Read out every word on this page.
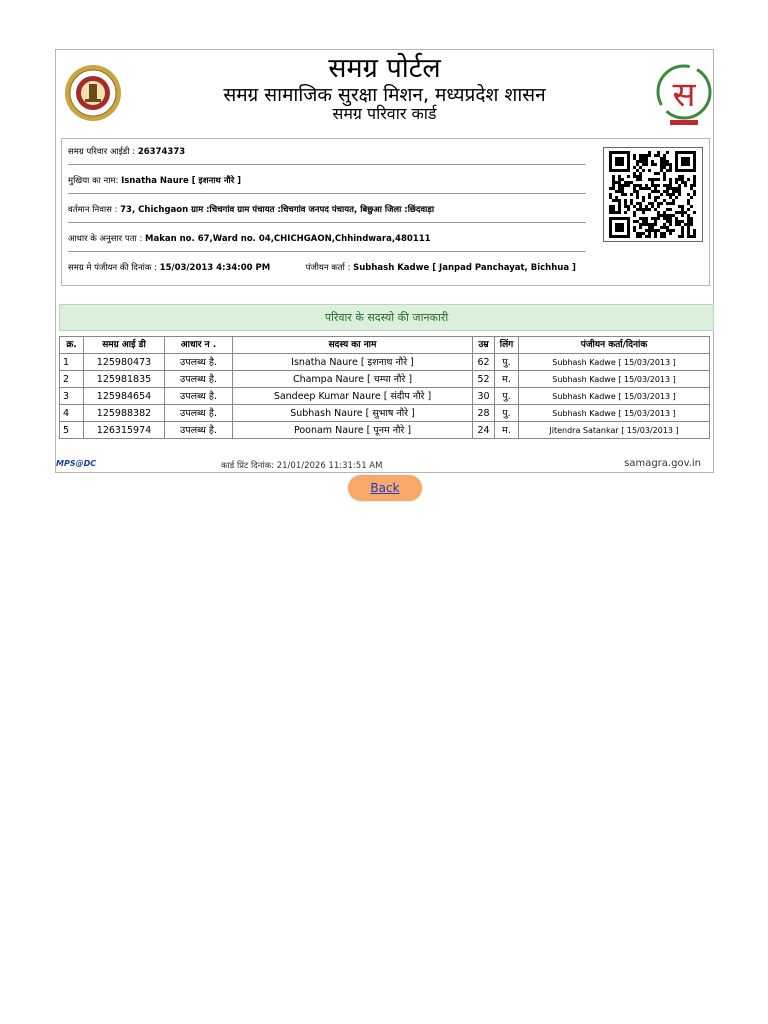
समग्र पोर्टल
समग्र सामाजिक सुरक्षा मिशन, मध्यप्रदेश शासन
समग्र परिवार कार्ड	स
समग्र परिवार आईडी : 26374373
मुखिया का नाम: Isnatha Naure [ इशनाथ नौरे ]
वर्तमान निवास : 73, Chichgaon ग्राम :चिचगांव ग्राम पंचायत :चिचगांव जनपद पंचायत, बिछुआ जिला :छिंदवाड़ा
आधार के अनुसार पता : Makan no. 67,Ward no. 04,CHICHGAON,Chhindwara,480111
समग्र मे पंजीयन की दिनांक : 15/03/2013 4:34:00 PM	पंजीयन कर्ता : Subhash Kadwe [ Janpad Panchayat, Bichhua ]
परिवार के सदस्यो की जानकारी
क्र.	समग्र आई डी	आधार न .	सदस्य का नाम	उम्र	लिंग	पंजीयन कर्ता/दिनांक
1	125980473	उपलब्ध है.	Isnatha Naure [ इशनाथ नौरे ]	62	पु.	Subhash Kadwe [ 15/03/2013 ]
2	125981835	उपलब्ध है.	Champa Naure [ चम्पा नौरे ]	52	म.	Subhash Kadwe [ 15/03/2013 ]
3	125984654	उपलब्ध है.	Sandeep Kumar Naure [ संदीप नौरे ]	30	पु.	Subhash Kadwe [ 15/03/2013 ]
4	125988382	उपलब्ध है.	Subhash Naure [ सुभाष नौरे ]	28	पु.	Subhash Kadwe [ 15/03/2013 ]
5	126315974	उपलब्ध है.	Poonam Naure [ पूनम नौरे ]	24	म.	Jitendra Satankar [ 15/03/2013 ]
MPS@DC	कार्ड प्रिंट दिनांक: 21/01/2026 11:31:51 AM	samagra.gov.in
Back
